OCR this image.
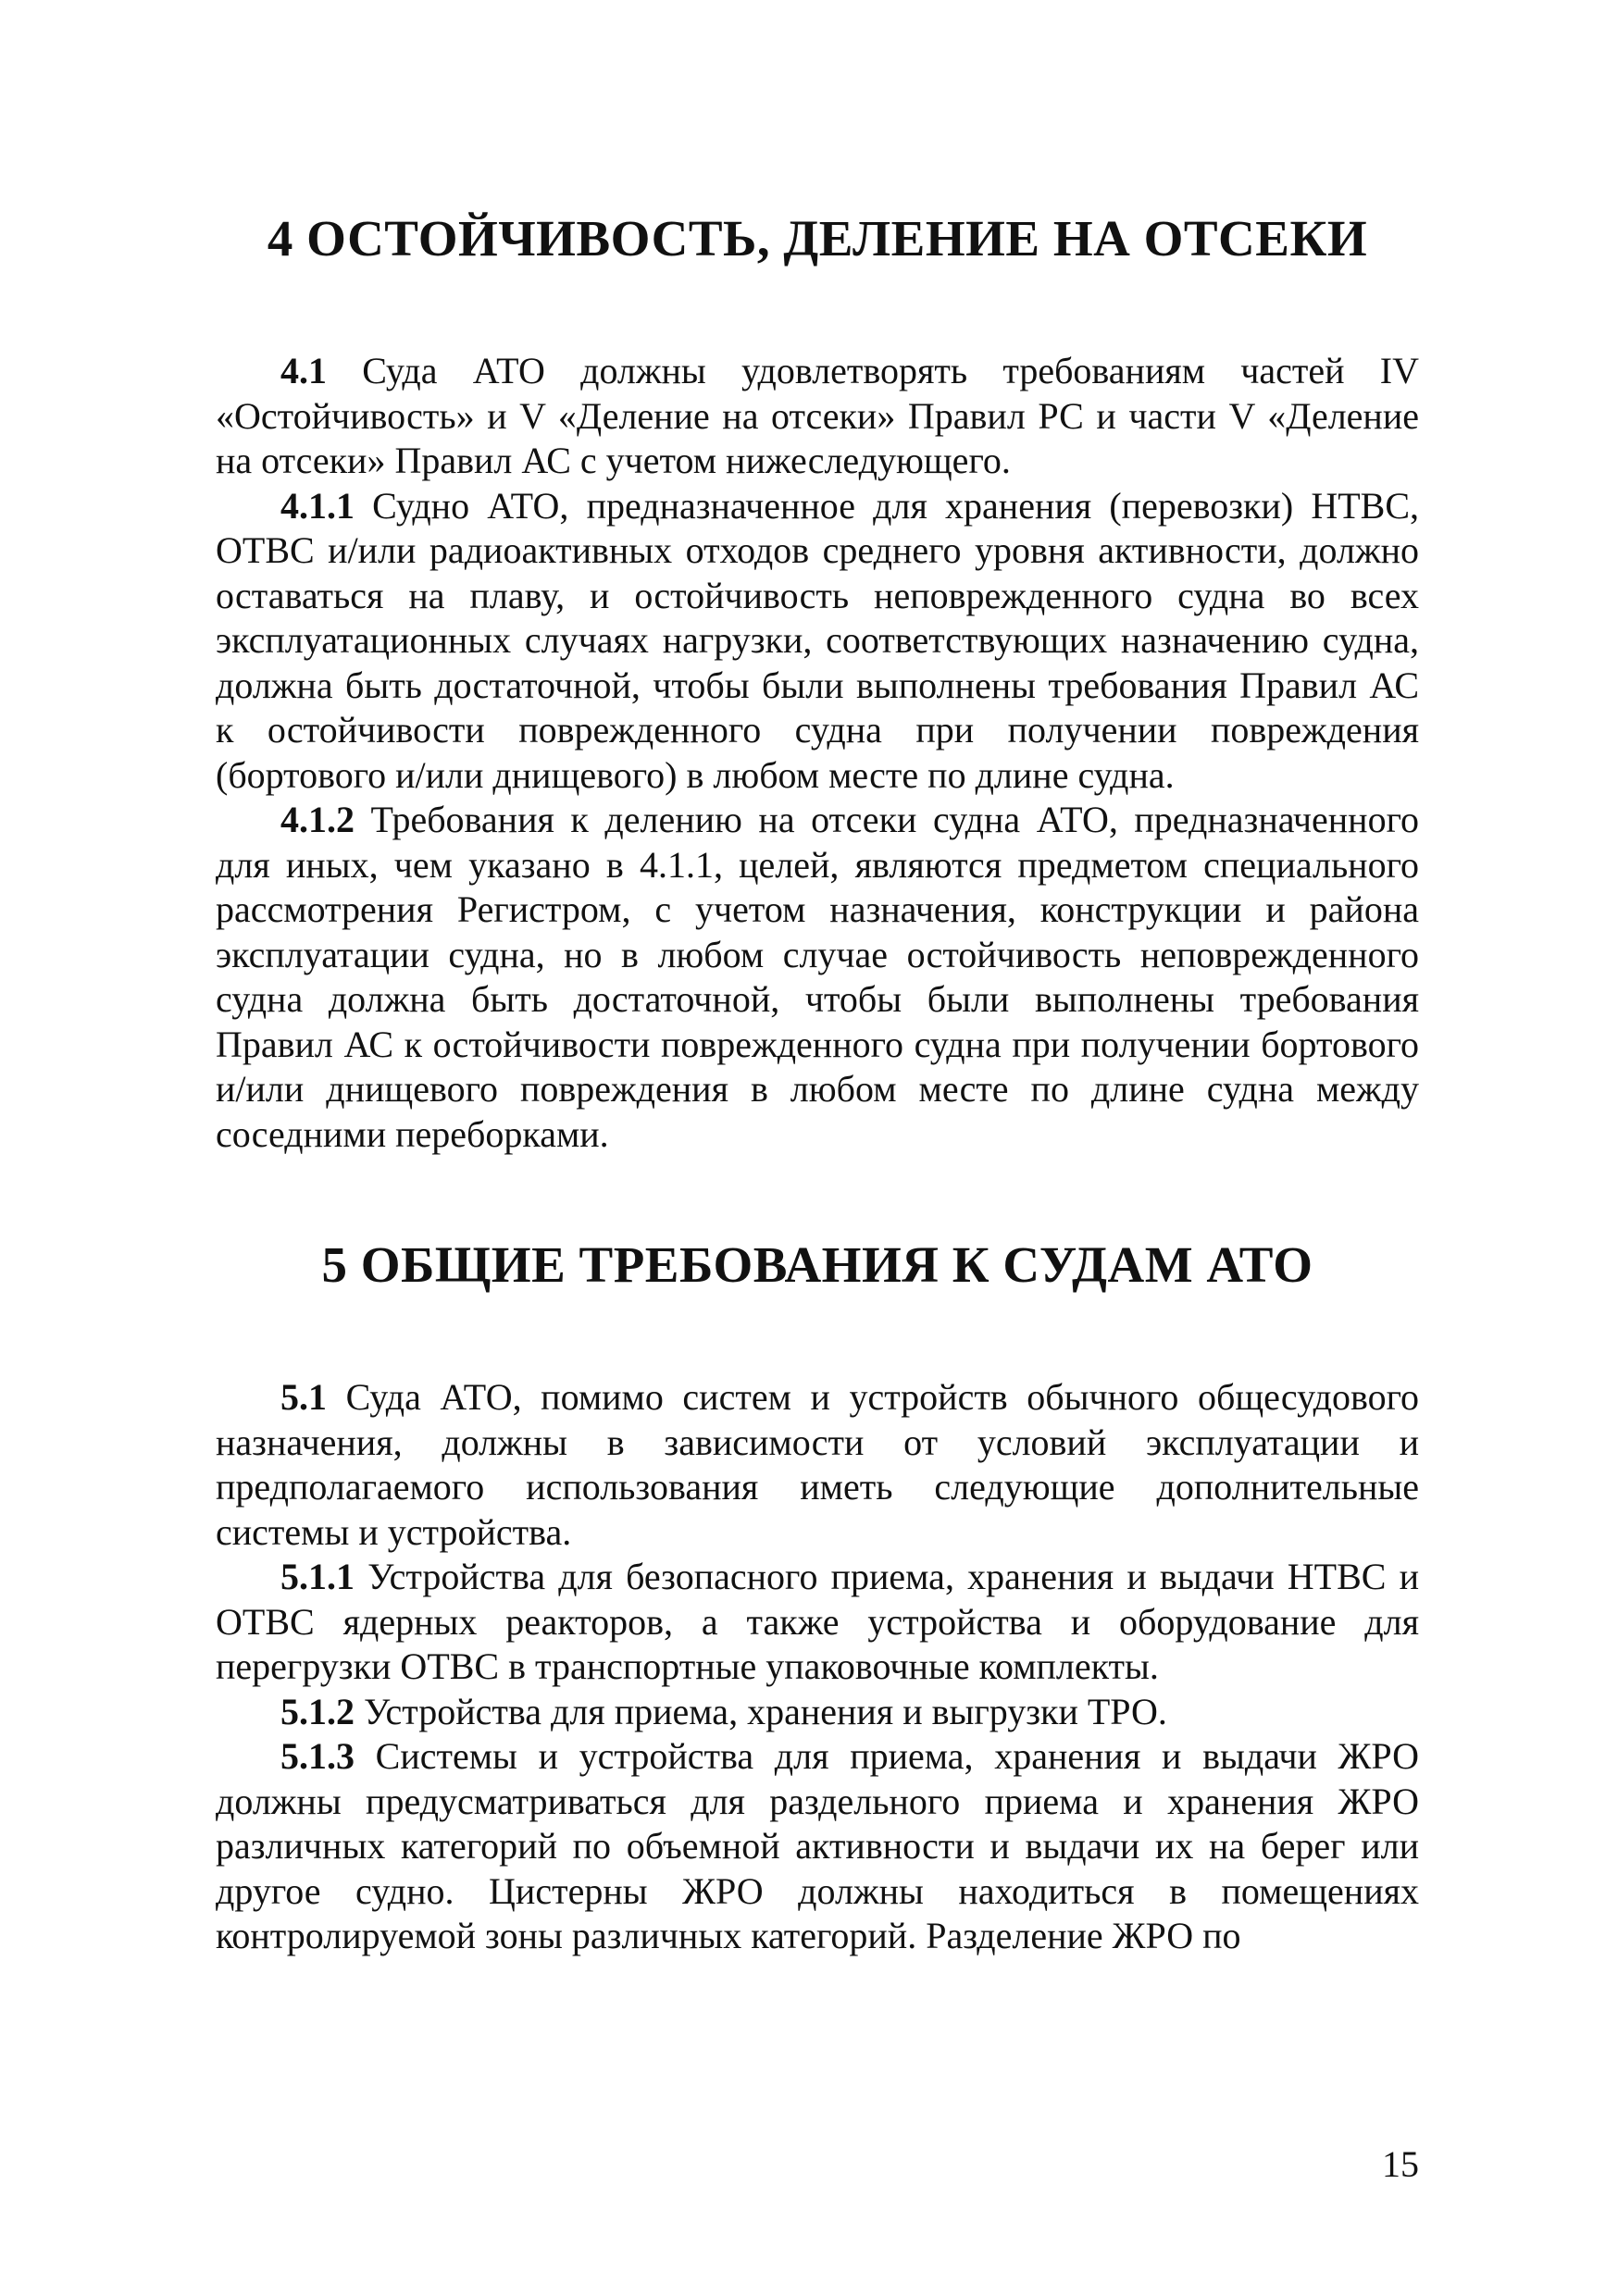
4 ОСТОЙЧИВОСТЬ, ДЕЛЕНИЕ НА ОТСЕКИ

4.1 Суда АТО должны удовлетворять требованиям частей IV «Остойчивость» и V «Деление на отсеки» Правил РС и части V «Деление на отсеки» Правил АС с учетом нижеследующего.

4.1.1 Судно АТО, предназначенное для хранения (перевозки) НТВС, ОТВС и/или радиоактивных отходов среднего уровня активности, должно оставаться на плаву, и остойчивость неповрежденного судна во всех эксплуатационных случаях нагрузки, соответствующих назначению судна, должна быть достаточной, чтобы были выполнены требования Правил АС к остойчивости поврежденного судна при получении повреждения (бортового и/или днищевого) в любом месте по длине судна.

4.1.2 Требования к делению на отсеки судна АТО, предназначенного для иных, чем указано в 4.1.1, целей, являются предметом специального рассмотрения Регистром, с учетом назначения, конструкции и района эксплуатации судна, но в любом случае остойчивость неповрежденного судна должна быть достаточной, чтобы были выполнены требования Правил АС к остойчивости поврежденного судна при получении бортового и/или днищевого повреждения в любом месте по длине судна между соседними переборками.

5 ОБЩИЕ ТРЕБОВАНИЯ К СУДАМ АТО

5.1 Суда АТО, помимо систем и устройств обычного общесудового назначения, должны в зависимости от условий эксплуатации и предполагаемого использования иметь следующие дополнительные системы и устройства.

5.1.1 Устройства для безопасного приема, хранения и выдачи НТВС и ОТВС ядерных реакторов, а также устройства и оборудование для перегрузки ОТВС в транспортные упаковочные комплекты.

5.1.2 Устройства для приема, хранения и выгрузки ТРО.

5.1.3 Системы и устройства для приема, хранения и выдачи ЖРО должны предусматриваться для раздельного приема и хранения ЖРО различных категорий по объемной активности и выдачи их на берег или другое судно. Цистерны ЖРО должны находиться в помещениях контролируемой зоны различных категорий. Разделение ЖРО по

15
